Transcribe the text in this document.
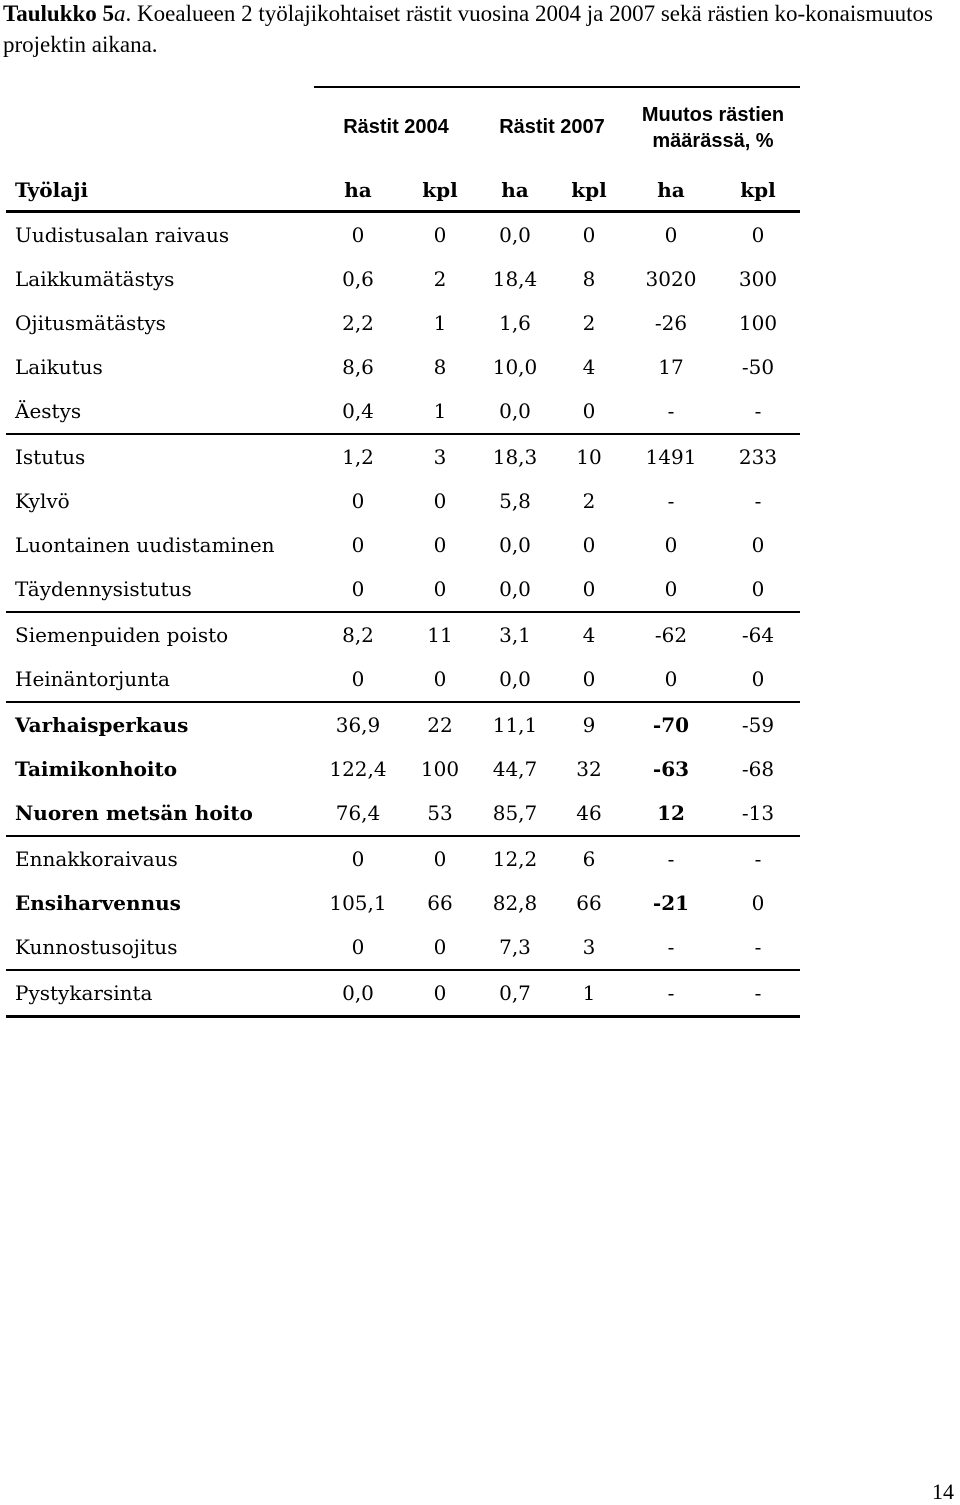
Taulukko 5a. Koealueen 2 työlajikohtaiset rästit vuosina 2004 ja 2007 sekä rästien ko-konaismuutos projektin aikana.
	Rästit 2004		Rästit 2007		Muutos rästien määrässä, %	
Työlaji	ha	kpl	ha	kpl	ha	kpl
Uudistusalan raivaus	0	0	0,0	0	0	0
Laikkumätästys	0,6	2	18,4	8	3020	300
Ojitusmätästys	2,2	1	1,6	2	-26	100
Laikutus	8,6	8	10,0	4	17	-50
Äestys	0,4	1	0,0	0	-	-
Istutus	1,2	3	18,3	10	1491	233
Kylvö	0	0	5,8	2	-	-
Luontainen uudistaminen	0	0	0,0	0	0	0
Täydennysistutus	0	0	0,0	0	0	0
Siemenpuiden poisto	8,2	11	3,1	4	-62	-64
Heinäntorjunta	0	0	0,0	0	0	0
Varhaisperkaus	36,9	22	11,1	9	-70	-59
Taimikonhoito	122,4	100	44,7	32	-63	-68
Nuoren metsän hoito	76,4	53	85,7	46	12	-13
Ennakkoraivaus	0	0	12,2	6	-	-
Ensiharvennus	105,1	66	82,8	66	-21	0
Kunnostusojitus	0	0	7,3	3	-	-
Pystykarsinta	0,0	0	0,7	1	-	-
14
